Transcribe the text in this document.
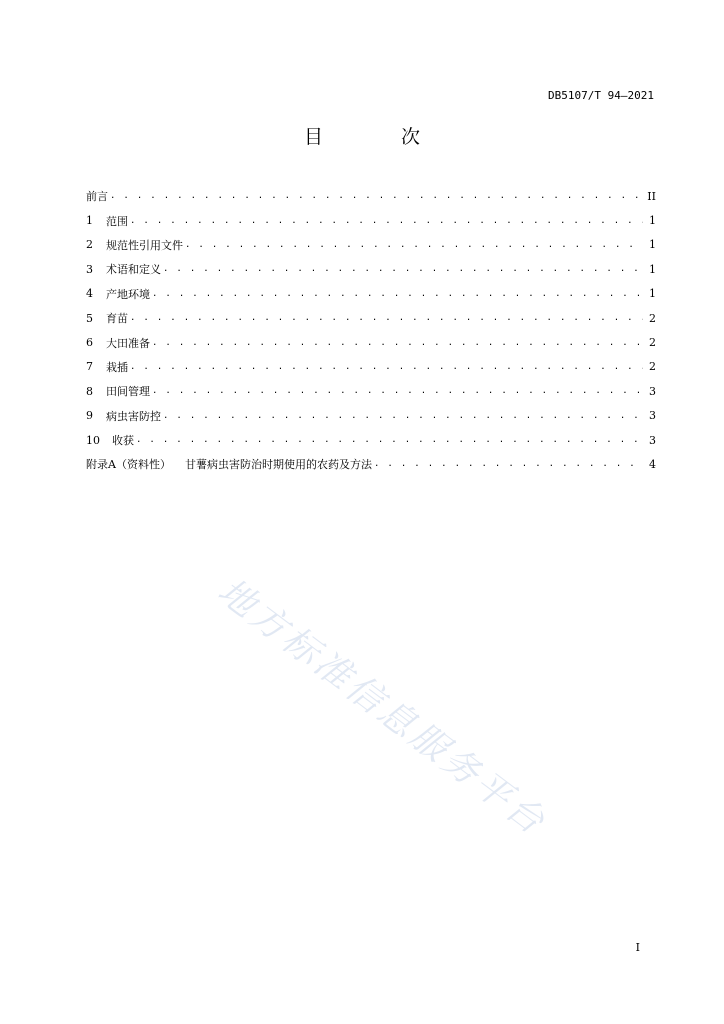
DB5107/T 94—2021
目 次
前言 . . .	II
1	范围 . . .	1
2	规范性引用文件 . . .	1
3	术语和定义 . . .	1
4	产地环境 . . .	1
5	育苗 . . .	2
6	大田准备 . . .	2
7	栽插 . . .	2
8	田间管理 . . .	3
9	病虫害防控 . . .	3
10	收获 . . .	3
附录A（资料性） 甘薯病虫害防治时期使用的农药及方法 . . .	4
地方标准信息服务平台
I
